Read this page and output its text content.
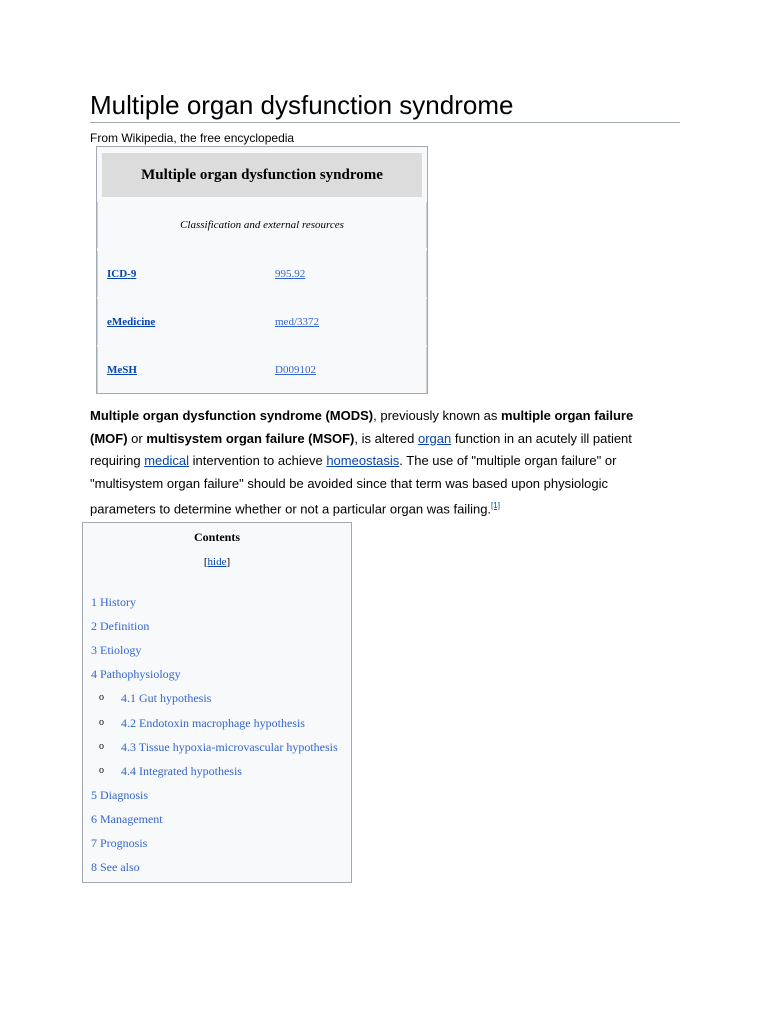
Multiple organ dysfunction syndrome
From Wikipedia, the free encyclopedia
Multiple organ dysfunction syndrome
Classification and external resources
ICD - 9	995.92
eMedicine	med/3372
MeSH	D009102

Multiple organ dysfunction syndrome (MODS), previously known as multiple organ failure (MOF) or multisystem organ failure (MSOF), is altered organ function in an acutely ill patient requiring medical intervention to achieve homeostasis. The use of "multiple organ failure" or "multisystem organ failure" should be avoided since that term was based upon physiologic parameters to determine whether or not a particular organ was failing.[1]

Contents
[hide]
1 History
2 Definition
3 Etiology
4 Pathophysiology
o 4.1 Gut hypothesis
o 4.2 Endotoxin macrophage hypothesis
o 4.3 Tissue hypoxia-microvascular hypothesis
o 4.4 Integrated hypothesis
5 Diagnosis
6 Management
7 Prognosis
8 See also
